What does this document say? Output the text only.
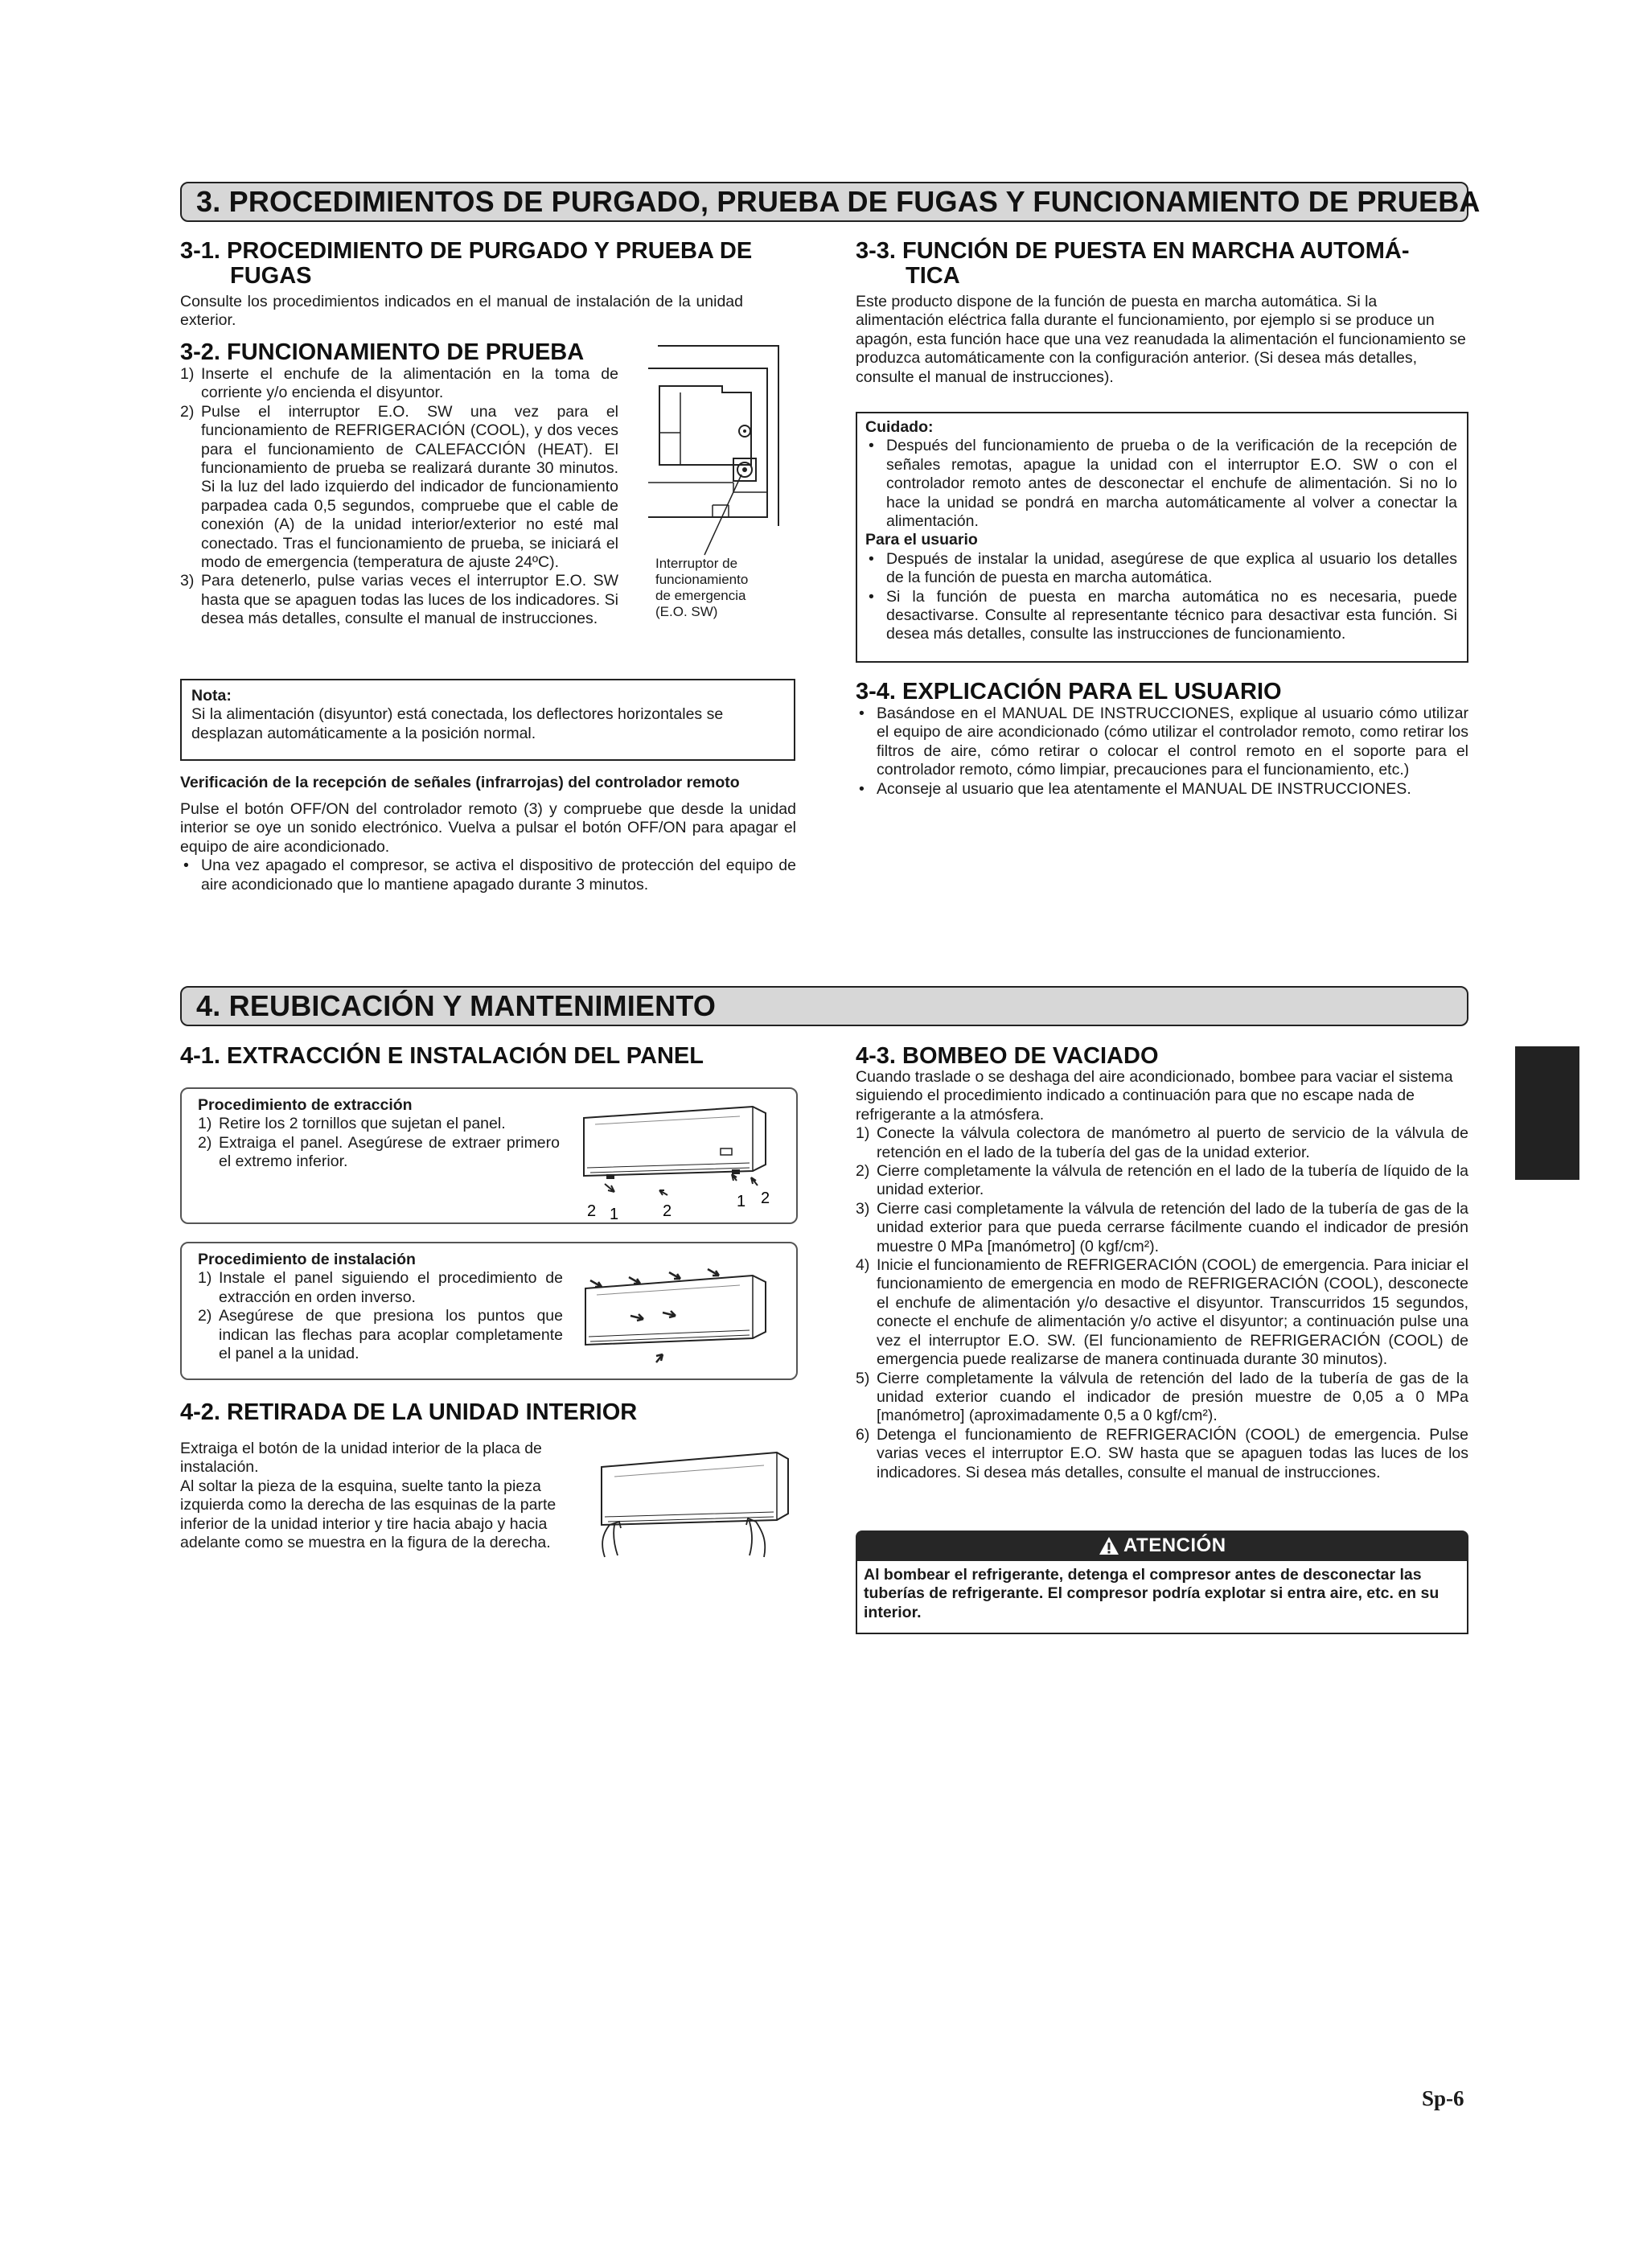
3. PROCEDIMIENTOS DE PURGADO, PRUEBA DE FUGAS Y FUNCIONAMIENTO DE PRUEBA
3-1. PROCEDIMIENTO DE PURGADO Y PRUEBA DE
FUGAS
Consulte los procedimientos indicados en el manual de instalación de la unidad exterior.
3-2. FUNCIONAMIENTO DE PRUEBA
1) Inserte el enchufe de la alimentación en la toma de corriente y/o encienda el disyuntor.
2) Pulse el interruptor E.O. SW una vez para el funcionamiento de REFRIGERACIÓN (COOL), y dos veces para el funcionamiento de CALEFACCIÓN (HEAT). El funcionamiento de prueba se realizará durante 30 minutos. Si la luz del lado izquierdo del indicador de funcionamiento parpadea cada 0,5 segundos, compruebe que el cable de conexión (A) de la unidad interior/exterior no esté mal conectado. Tras el funcionamiento de prueba, se iniciará el modo de emergencia (temperatura de ajuste 24ºC).
3) Para detenerlo, pulse varias veces el interruptor E.O. SW hasta que se apaguen todas las luces de los indicadores. Si desea más detalles, consulte el manual de instrucciones.
Interruptor de
funcionamiento
de emergencia
(E.O. SW)
Nota:
Si la alimentación (disyuntor) está conectada, los deflectores horizontales se desplazan automáticamente a la posición normal.
Verificación de la recepción de señales (infrarrojas) del controlador remoto
Pulse el botón OFF/ON del controlador remoto (3) y compruebe que desde la unidad interior se oye un sonido electrónico. Vuelva a pulsar el botón OFF/ON para apagar el equipo de aire acondicionado.
• Una vez apagado el compresor, se activa el dispositivo de protección del equipo de aire acondicionado que lo mantiene apagado durante 3 minutos.
3-3. FUNCIÓN DE PUESTA EN MARCHA AUTOMÁ-
TICA
Este producto dispone de la función de puesta en marcha automática. Si la alimentación eléctrica falla durante el funcionamiento, por ejemplo si se produce un apagón, esta función hace que una vez reanudada la alimentación el funcionamiento se produzca automáticamente con la configuración anterior. (Si desea más detalles, consulte el manual de instrucciones).
Cuidado:
• Después del funcionamiento de prueba o de la verificación de la recepción de señales remotas, apague la unidad con el interruptor E.O. SW o con el controlador remoto antes de desconectar el enchufe de alimentación. Si no lo hace la unidad se pondrá en marcha automáticamente al volver a conectar la alimentación.
Para el usuario
• Después de instalar la unidad, asegúrese de que explica al usuario los detalles de la función de puesta en marcha automática.
• Si la función de puesta en marcha automática no es necesaria, puede desactivarse. Consulte al representante técnico para desactivar esta función. Si desea más detalles, consulte las instrucciones de funcionamiento.
3-4. EXPLICACIÓN PARA EL USUARIO
• Basándose en el MANUAL DE INSTRUCCIONES, explique al usuario cómo utilizar el equipo de aire acondicionado (cómo utilizar el controlador remoto, como retirar los filtros de aire, cómo retirar o colocar el control remoto en el soporte para el controlador remoto, cómo limpiar, precauciones para el funcionamiento, etc.)
• Aconseje al usuario que lea atentamente el MANUAL DE INSTRUCCIONES.
4. REUBICACIÓN Y MANTENIMIENTO
4-1. EXTRACCIÓN E INSTALACIÓN DEL PANEL
Procedimiento de extracción
1) Retire los 2 tornillos que sujetan el panel.
2) Extraiga el panel. Asegúrese de extraer primero el extremo inferior.
2 1	2
1 2
Procedimiento de instalación
1) Instale el panel siguiendo el procedimiento de extracción en orden inverso.
2) Asegúrese de que presiona los puntos que indican las flechas para acoplar completamente el panel a la unidad.
4-2. RETIRADA DE LA UNIDAD INTERIOR
Extraiga el botón de la unidad interior de la placa de instalación.
Al soltar la pieza de la esquina, suelte tanto la pieza izquierda como la derecha de las esquinas de la parte inferior de la unidad interior y tire hacia abajo y hacia adelante como se muestra en la figura de la derecha.
4-3. BOMBEO DE VACIADO
Cuando traslade o se deshaga del aire acondicionado, bombee para vaciar el sistema siguiendo el procedimiento indicado a continuación para que no escape nada de refrigerante a la atmósfera.
1) Conecte la válvula colectora de manómetro al puerto de servicio de la válvula de retención en el lado de la tubería del gas de la unidad exterior.
2) Cierre completamente la válvula de retención en el lado de la tubería de líquido de la unidad exterior.
3) Cierre casi completamente la válvula de retención del lado de la tubería de gas de la unidad exterior para que pueda cerrarse fácilmente cuando el indicador de presión muestre 0 MPa [manómetro] (0 kgf/cm²).
4) Inicie el funcionamiento de REFRIGERACIÓN (COOL) de emergencia. Para iniciar el funcionamiento de emergencia en modo de REFRIGERACIÓN (COOL), desconecte el enchufe de alimentación y/o desactive el disyuntor. Transcurridos 15 segundos, conecte el enchufe de alimentación y/o active el disyuntor; a continuación pulse una vez el interruptor E.O. SW. (El funcionamiento de REFRIGERACIÓN (COOL) de emergencia puede realizarse de manera continuada durante 30 minutos).
5) Cierre completamente la válvula de retención del lado de la tubería de gas de la unidad exterior cuando el indicador de presión muestre de 0,05 a 0 MPa [manómetro] (aproximadamente 0,5 a 0 kgf/cm²).
6) Detenga el funcionamiento de REFRIGERACIÓN (COOL) de emergencia. Pulse varias veces el interruptor E.O. SW hasta que se apaguen todas las luces de los indicadores. Si desea más detalles, consulte el manual de instrucciones.
ATENCIÓN
Al bombear el refrigerante, detenga el compresor antes de desconectar las tuberías de refrigerante. El compresor podría explotar si entra aire, etc. en su interior.
Sp-6
